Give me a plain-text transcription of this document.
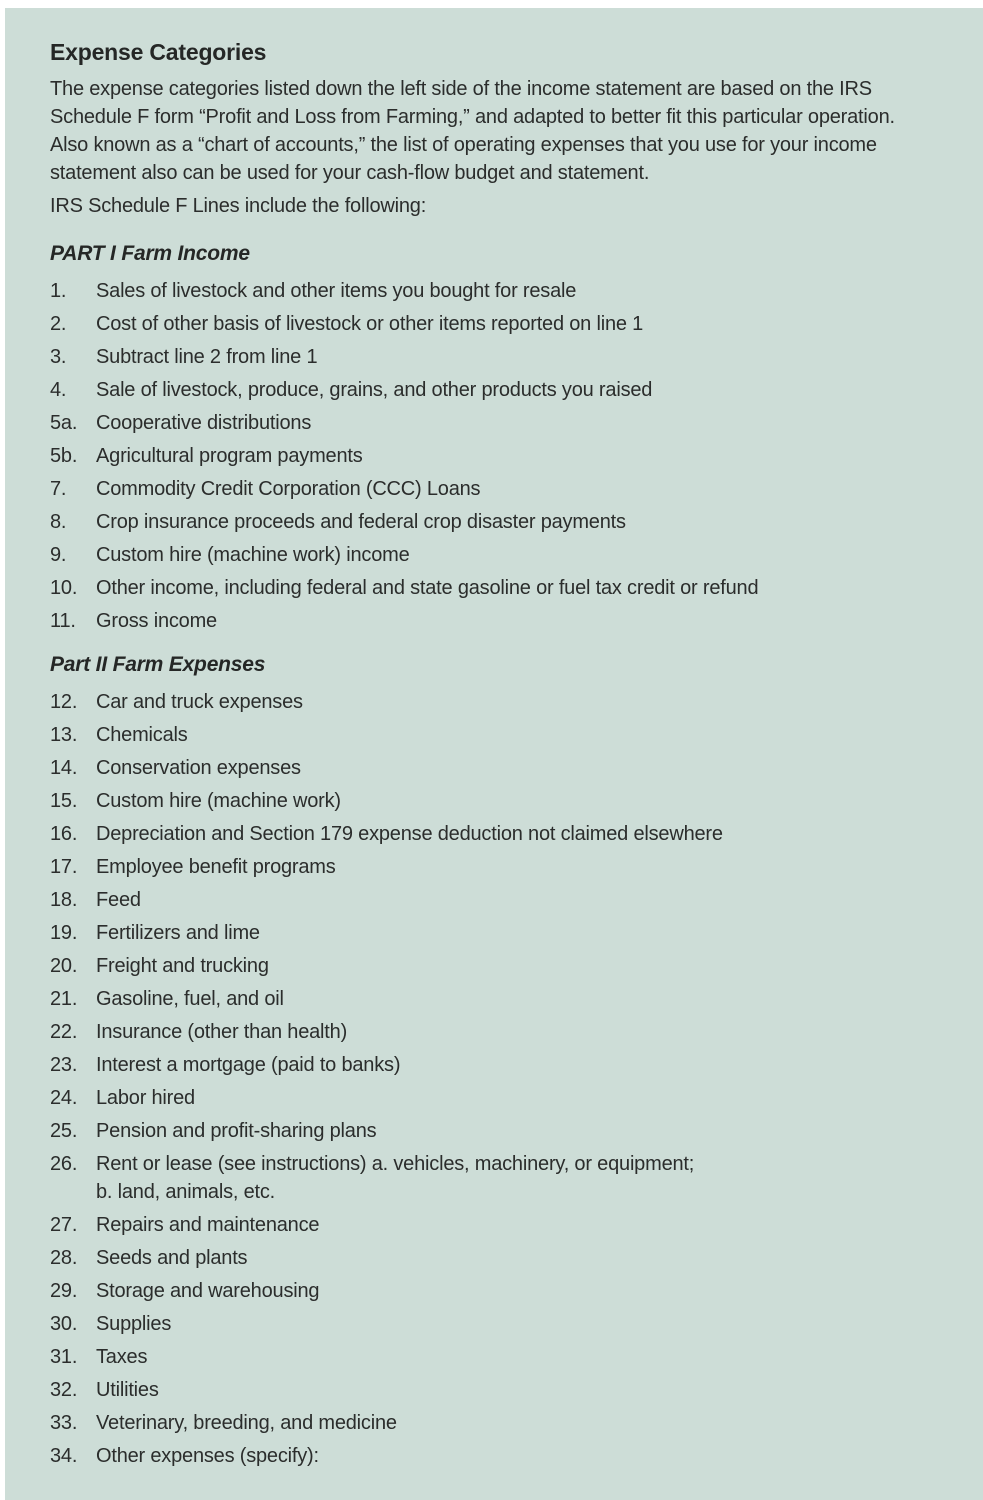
Expense Categories

The expense categories listed down the left side of the income statement are based on the IRS Schedule F form “Profit and Loss from Farming,” and adapted to better fit this particular operation. Also known as a “chart of accounts,” the list of operating expenses that you use for your income statement also can be used for your cash-flow budget and statement.

IRS Schedule F Lines include the following:

PART I Farm Income
1.	Sales of livestock and other items you bought for resale
2.	Cost of other basis of livestock or other items reported on line 1
3.	Subtract line 2 from line 1
4.	Sale of livestock, produce, grains, and other products you raised
5a. Cooperative distributions
5b. Agricultural program payments
7.	Commodity Credit Corporation (CCC) Loans
8.	Crop insurance proceeds and federal crop disaster payments
9.	Custom hire (machine work) income
10. Other income, including federal and state gasoline or fuel tax credit or refund
11.	Gross income
Part II Farm Expenses
12. Car and truck expenses
13. Chemicals
14. Conservation expenses
15. Custom hire (machine work)
16. Depreciation and Section 179 expense deduction not claimed elsewhere
17. Employee benefit programs
18. Feed
19. Fertilizers and lime
20. Freight and trucking
21. Gasoline, fuel, and oil
22. Insurance (other than health)
23. Interest a mortgage (paid to banks)
24. Labor hired
25. Pension and profit-sharing plans
26. Rent or lease (see instructions) a. vehicles, machinery, or equipment;
b. land, animals, etc.
27. Repairs and maintenance
28. Seeds and plants
29. Storage and warehousing
30. Supplies
31. Taxes
32. Utilities
33. Veterinary, breeding, and medicine
34. Other expenses (specify):
